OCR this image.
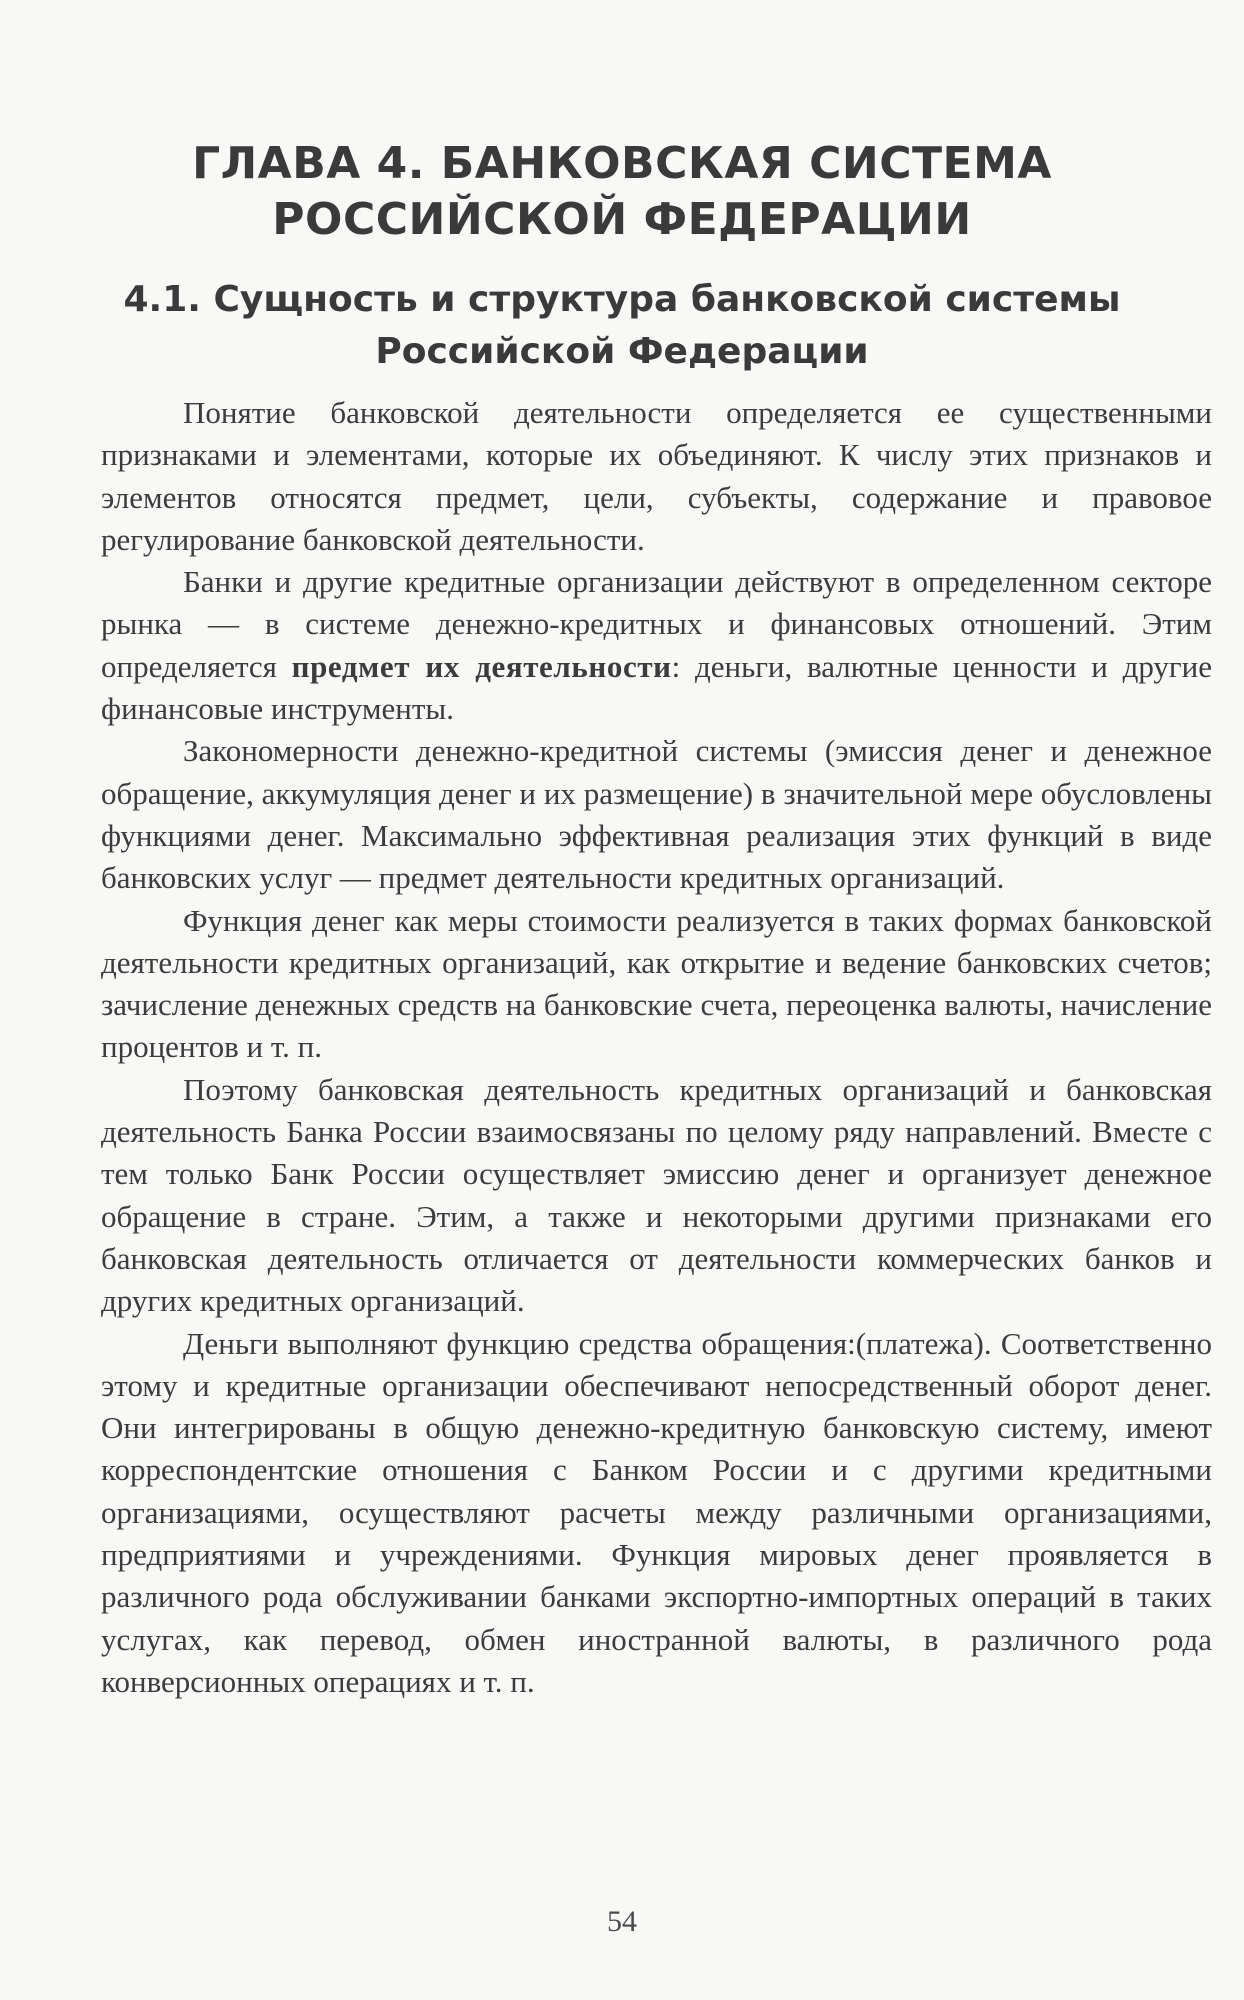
ГЛАВА 4. БАНКОВСКАЯ СИСТЕМА РОССИЙСКОЙ ФЕДЕРАЦИИ
4.1. Сущность и структура банковской системы Российской Федерации

Понятие банковской деятельности определяется ее существенными признаками и элементами, которые их объединяют. К числу этих признаков и элементов относятся предмет, цели, субъекты, содержание и правовое регулирование банковской деятельности.

Банки и другие кредитные организации действуют в определенном секторе рынка — в системе денежно-кредитных и финансовых отношений. Этим определяется предмет их деятельности: деньги, валютные ценности и другие финансовые инструменты.

Закономерности денежно-кредитной системы (эмиссия денег и денежное обращение, аккумуляция денег и их размещение) в значительной мере обусловлены функциями денег. Максимально эффективная реализация этих функций в виде банковских услуг — предмет деятельности кредитных организаций.

Функция денег как меры стоимости реализуется в таких формах банковской деятельности кредитных организаций, как открытие и ведение банковских счетов; зачисление денежных средств на банковские счета, переоценка валюты, начисление процентов и т. п.

Поэтому банковская деятельность кредитных организаций и банковская деятельность Банка России взаимосвязаны по целому ряду направлений. Вместе с тем только Банк России осуществляет эмиссию денег и организует денежное обращение в стране. Этим, а также и некоторыми другими признаками его банковская деятельность отличается от деятельности коммерческих банков и других кредитных организаций.

Деньги выполняют функцию средства обращения:(платежа). Соответственно этому и кредитные организации обеспечивают непосредственный оборот денег. Они интегрированы в общую денежно-кредитную банковскую систему, имеют корреспондентские отношения с Банком России и с другими кредитными организациями, осуществляют расчеты между различными организациями, предприятиями и учреждениями. Функция мировых денег проявляется в различного рода обслуживании банками экспортно-импортных операций в таких услугах, как перевод, обмен иностранной валюты, в различного рода конверсионных операциях и т. п.

54
